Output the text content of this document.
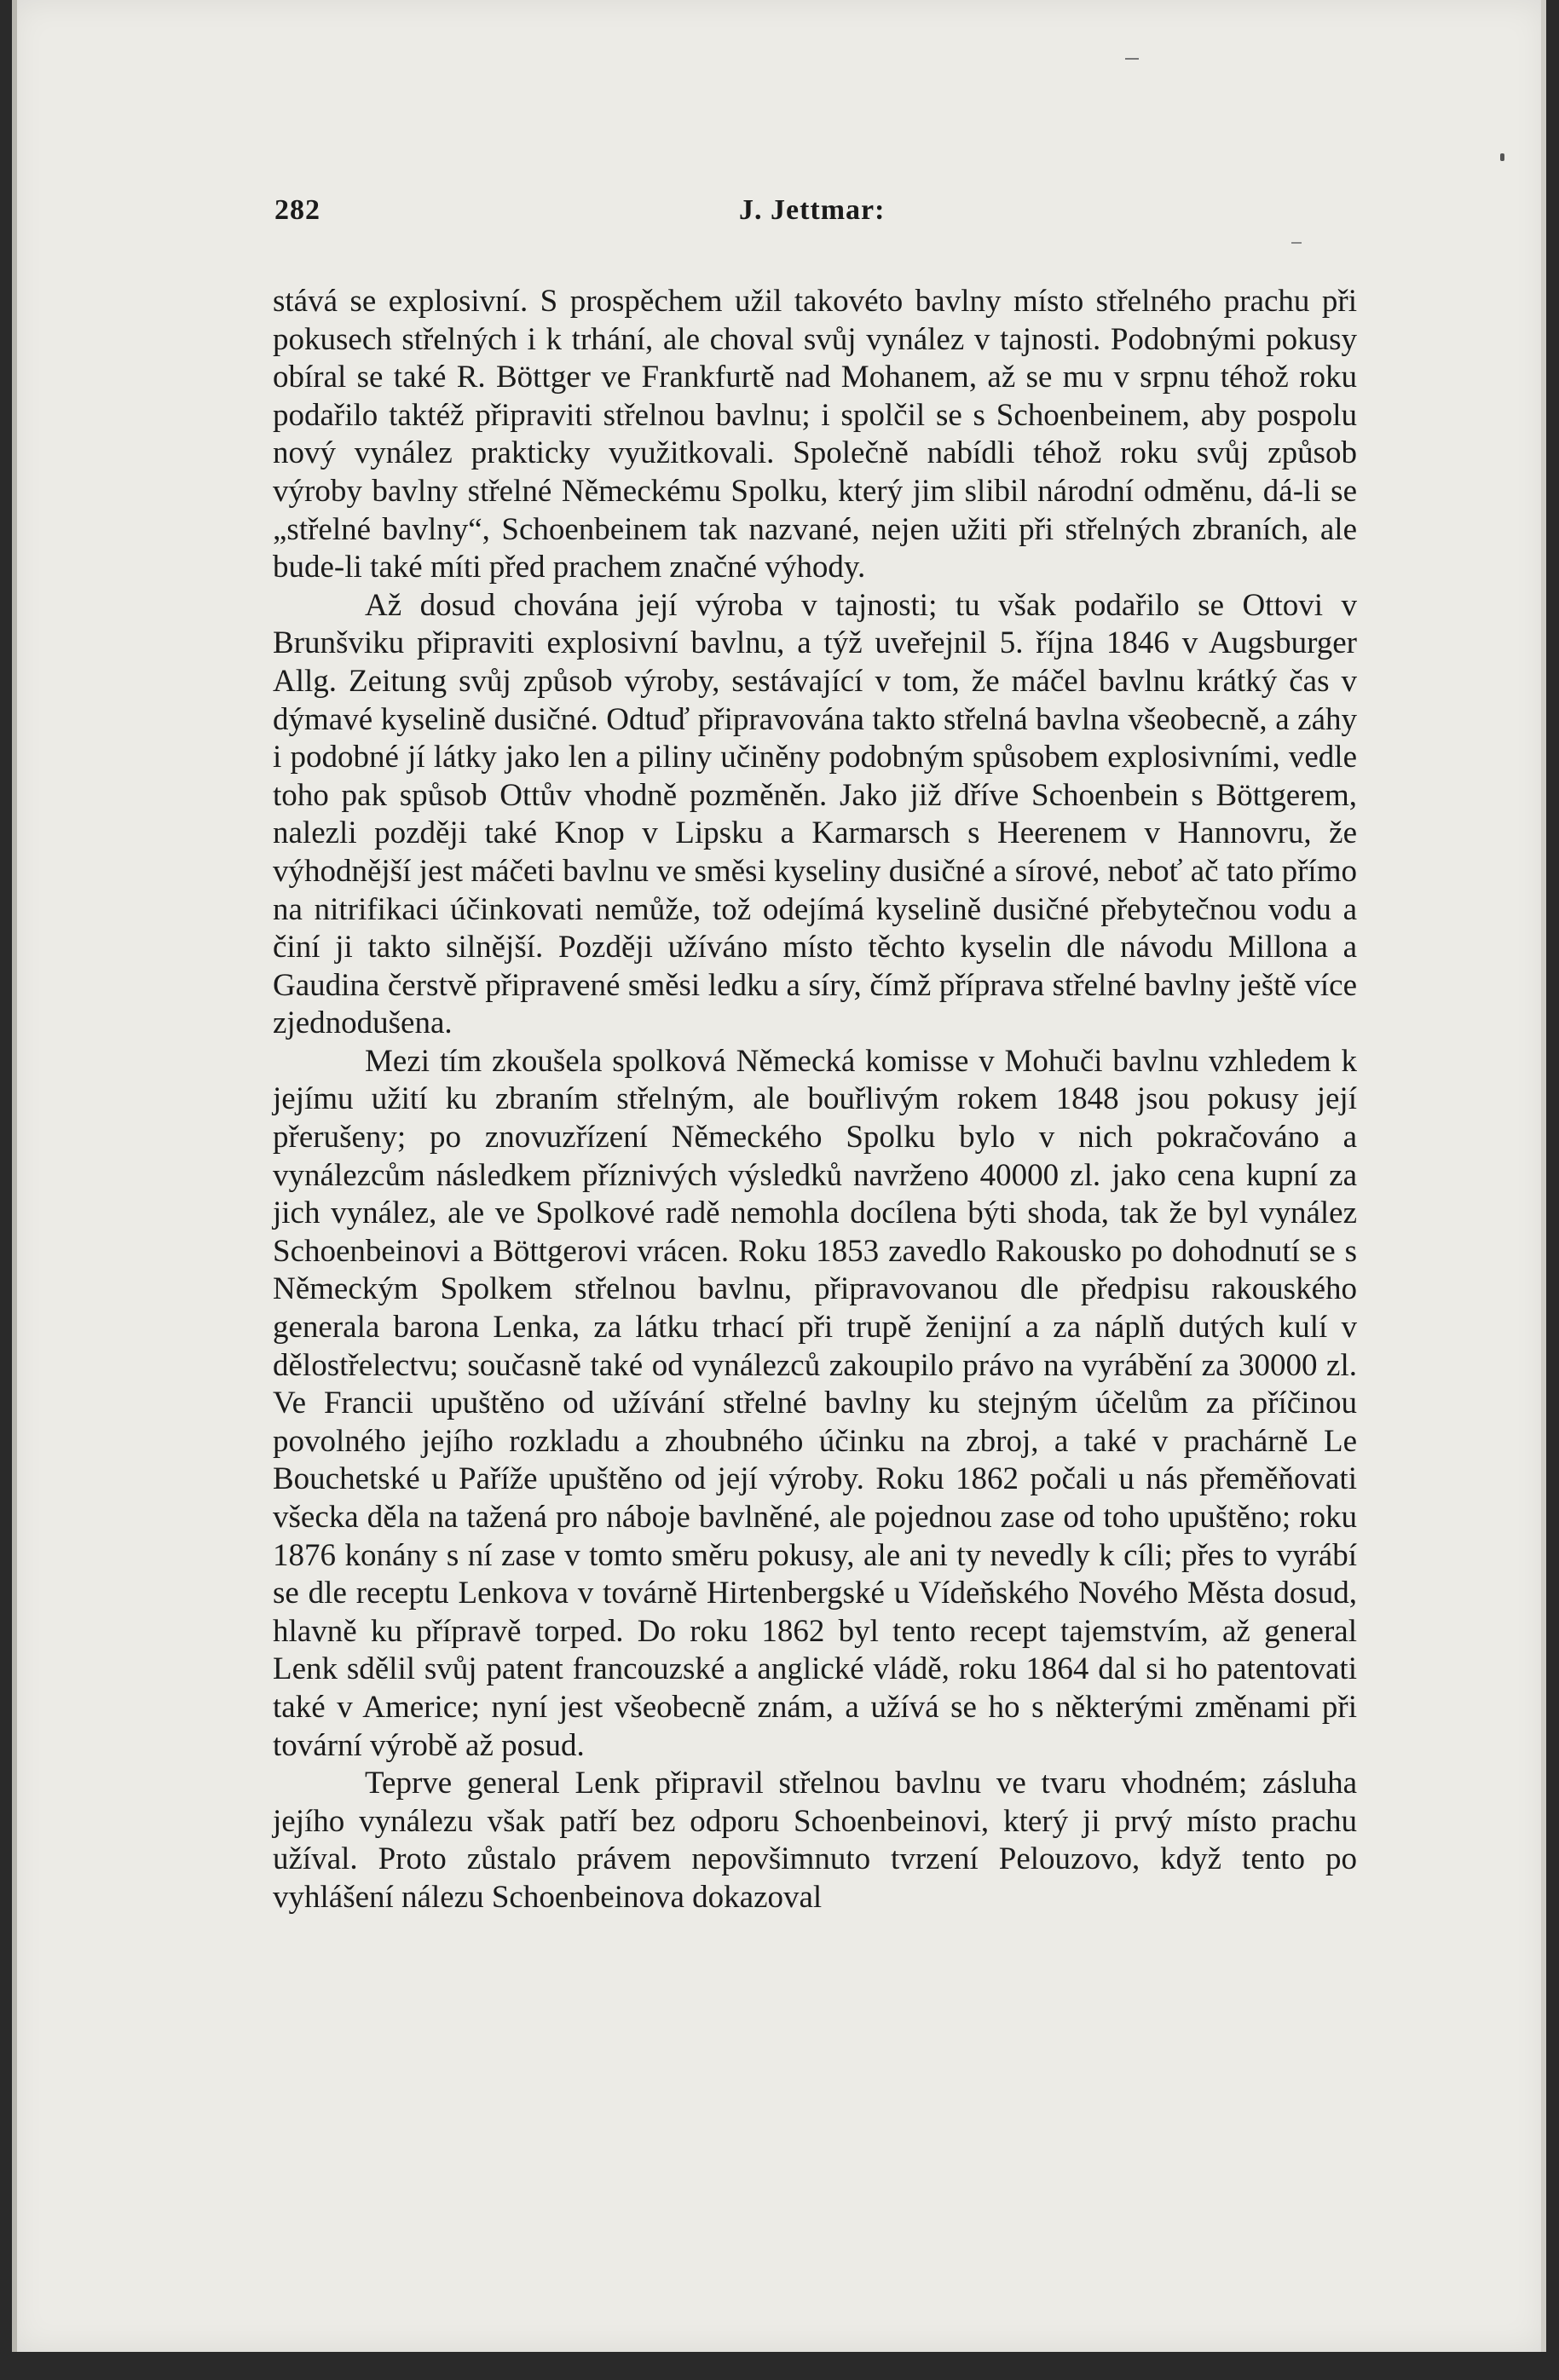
282	J. Jettmar:

stává se explosivní. S prospěchem užil takovéto bavlny místo střelného prachu při pokusech střelných i k trhání, ale choval svůj vynález v tajnosti. Podobnými pokusy obíral se také R. Böttger ve Frankfurtě nad Mohanem, až se mu v srpnu téhož roku podařilo taktéž připraviti střelnou bavlnu; i spolčil se s Schoenbeinem, aby pospolu nový vynález prakticky využitkovali. Společně nabídli téhož roku svůj způsob výroby bavlny střelné Německému Spolku, který jim slibil národní odměnu, dá-li se „střelné bavlny“, Schoenbeinem tak nazvané, nejen užiti při střelných zbraních, ale bude-li také míti před prachem značné výhody.

Až dosud chována její výroba v tajnosti; tu však podařilo se Ottovi v Brunšviku připraviti explosivní bavlnu, a týž uveřejnil 5. října 1846 v Augsburger Allg. Zeitung svůj způsob výroby, sestávající v tom, že máčel bavlnu krátký čas v dýmavé kyselině dusičné. Odtuď připravována takto střelná bavlna všeobecně, a záhy i podobné jí látky jako len a piliny učiněny podobným spůsobem explosivními, vedle toho pak spůsob Ottův vhodně pozměněn. Jako již dříve Schoenbein s Böttgerem, nalezli později také Knop v Lipsku a Karmarsch s Heerenem v Hannovru, že výhodnější jest máčeti bavlnu ve směsi kyseliny dusičné a sírové, neboť ač tato přímo na nitrifikaci účinkovati nemůže, tož odejímá kyselině dusičné přebytečnou vodu a činí ji takto silnější. Později užíváno místo těchto kyselin dle návodu Millona a Gaudina čerstvě připravené směsi ledku a síry, čímž příprava střelné bavlny ještě více zjednodušena.

Mezi tím zkoušela spolková Německá komisse v Mohuči bavlnu vzhledem k jejímu užití ku zbraním střelným, ale bouřlivým rokem 1848 jsou pokusy její přerušeny; po znovuzřízení Německého Spolku bylo v nich pokračováno a vynálezcům následkem příznivých výsledků navrženo 40000 zl. jako cena kupní za jich vynález, ale ve Spolkové radě nemohla docílena býti shoda, tak že byl vynález Schoenbeinovi a Böttgerovi vrácen. Roku 1853 zavedlo Rakousko po dohodnutí se s Německým Spolkem střelnou bavlnu, připravovanou dle předpisu rakouského generala barona Lenka, za látku trhací při trupě ženijní a za náplň dutých kulí v dělostřelectvu; současně také od vynálezců zakoupilo právo na vyrábění za 30000 zl. Ve Francii upuštěno od užívání střelné bavlny ku stejným účelům za příčinou povolného jejího rozkladu a zhoubného účinku na zbroj, a také v prachárně Le Bouchetské u Paříže upuštěno od její výroby. Roku 1862 počali u nás přeměňovati všecka děla na tažená pro náboje bavlněné, ale pojednou zase od toho upuštěno; roku 1876 konány s ní zase v tomto směru pokusy, ale ani ty nevedly k cíli; přes to vyrábí se dle receptu Lenkova v továrně Hirtenbergské u Vídeňského Nového Města dosud, hlavně ku přípravě torped. Do roku 1862 byl tento recept tajemstvím, až general Lenk sdělil svůj patent francouzské a anglické vládě, roku 1864 dal si ho patentovati také v Americe; nyní jest všeobecně znám, a užívá se ho s některými změnami při tovární výrobě až posud.

Teprve general Lenk připravil střelnou bavlnu ve tvaru vhodném; zásluha jejího vynálezu však patří bez odporu Schoenbeinovi, který ji prvý místo prachu užíval. Proto zůstalo právem nepovšimnuto tvrzení Pelouzovo, když tento po vyhlášení nálezu Schoenbeinova dokazoval
